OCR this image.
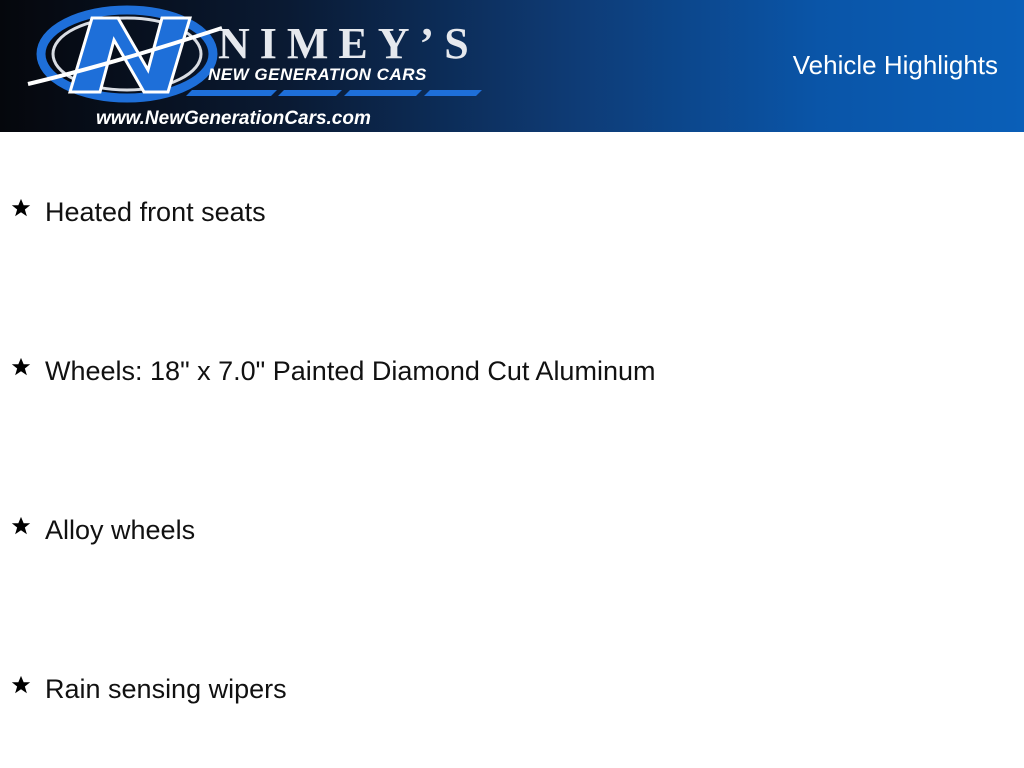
NIMEY’S
NEW GENERATION CARS
www.NewGenerationCars.com
Vehicle Highlights
Heated front seats
Wheels: 18" x 7.0" Painted Diamond Cut Aluminum
Alloy wheels
Rain sensing wipers
